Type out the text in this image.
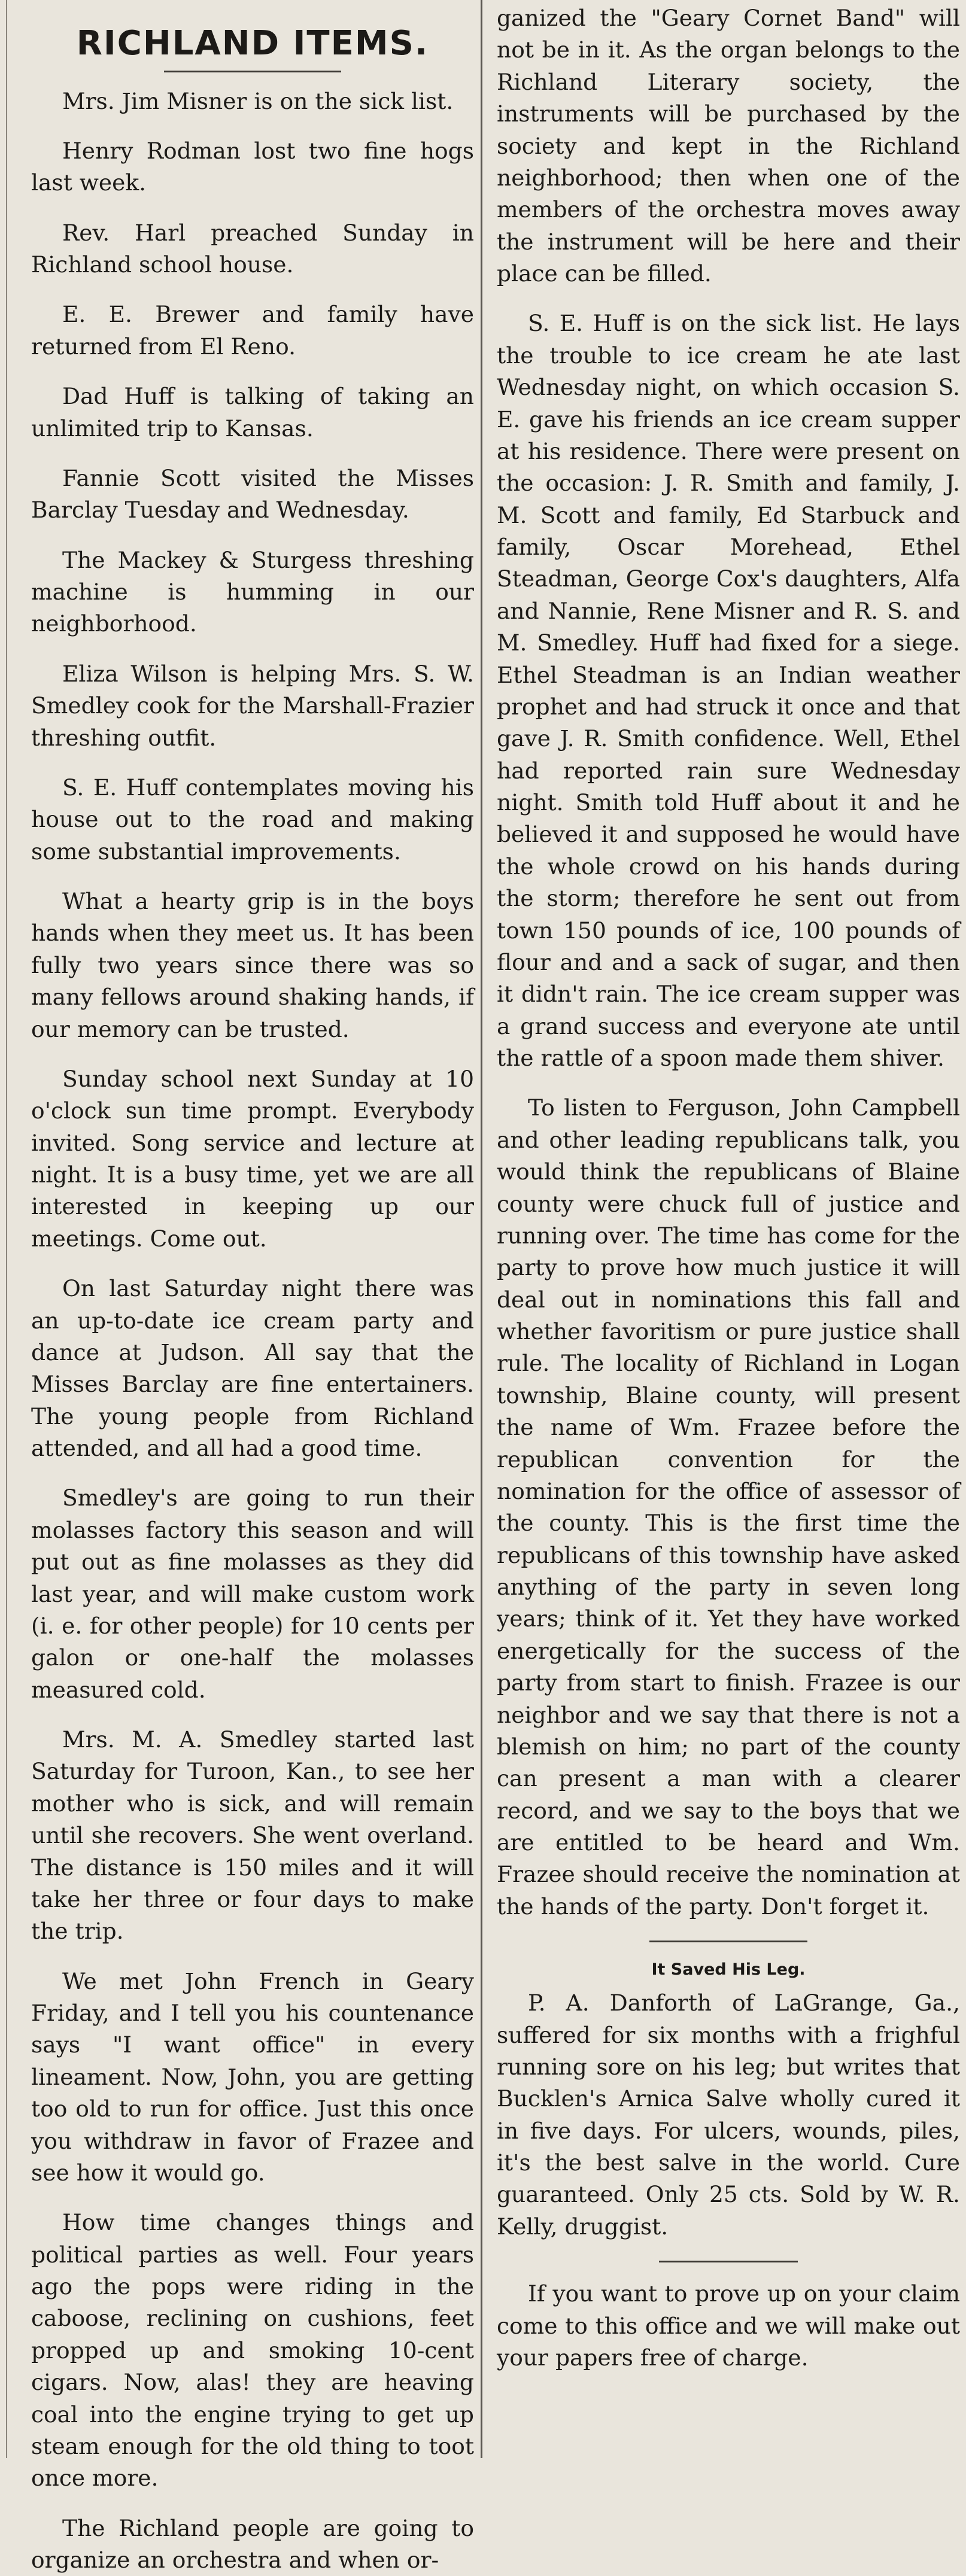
RICHLAND ITEMS.

Mrs. Jim Misner is on the sick list.

Henry Rodman lost two fine hogs last week.

Rev. Harl preached Sunday in Richland school house.

E. E. Brewer and family have returned from El Reno.

Dad Huff is talking of taking an unlimited trip to Kansas.

Fannie Scott visited the Misses Barclay Tuesday and Wednesday.

The Mackey & Sturgess threshing machine is humming in our neighborhood.

Eliza Wilson is helping Mrs. S. W. Smedley cook for the Marshall-Frazier threshing outfit.

S. E. Huff contemplates moving his house out to the road and making some substantial improvements.

What a hearty grip is in the boys hands when they meet us. It has been fully two years since there was so many fellows around shaking hands, if our memory can be trusted.

Sunday school next Sunday at 10 o'clock sun time prompt. Everybody invited. Song service and lecture at night. It is a busy time, yet we are all interested in keeping up our meetings. Come out.

On last Saturday night there was an up-to-date ice cream party and dance at Judson. All say that the Misses Barclay are fine entertainers. The young people from Richland attended, and all had a good time.

Smedley's are going to run their molasses factory this season and will put out as fine molasses as they did last year, and will make custom work (i. e. for other people) for 10 cents per galon or one-half the molasses measured cold.

Mrs. M. A. Smedley started last Saturday for Turoon, Kan., to see her mother who is sick, and will remain until she recovers. She went overland. The distance is 150 miles and it will take her three or four days to make the trip.

We met John French in Geary Friday, and I tell you his countenance says "I want office" in every lineament. Now, John, you are getting too old to run for office. Just this once you withdraw in favor of Frazee and see how it would go.

How time changes things and political parties as well. Four years ago the pops were riding in the caboose, reclining on cushions, feet propped up and smoking 10-cent cigars. Now, alas! they are heaving coal into the engine trying to get up steam enough for the old thing to toot once more.

The Richland people are going to organize an orchestra and when or-

ganized the "Geary Cornet Band" will not be in it. As the organ belongs to the Richland Literary society, the instruments will be purchased by the society and kept in the Richland neighborhood; then when one of the members of the orchestra moves away the instrument will be here and their place can be filled.

S. E. Huff is on the sick list. He lays the trouble to ice cream he ate last Wednesday night, on which occasion S. E. gave his friends an ice cream supper at his residence. There were present on the occasion: J. R. Smith and family, J. M. Scott and family, Ed Starbuck and family, Oscar Morehead, Ethel Steadman, George Cox's daughters, Alfa and Nannie, Rene Misner and R. S. and M. Smedley. Huff had fixed for a siege. Ethel Steadman is an Indian weather prophet and had struck it once and that gave J. R. Smith confidence. Well, Ethel had reported rain sure Wednesday night. Smith told Huff about it and he believed it and supposed he would have the whole crowd on his hands during the storm; therefore he sent out from town 150 pounds of ice, 100 pounds of flour and and a sack of sugar, and then it didn't rain. The ice cream supper was a grand success and everyone ate until the rattle of a spoon made them shiver.

To listen to Ferguson, John Campbell and other leading republicans talk, you would think the republicans of Blaine county were chuck full of justice and running over. The time has come for the party to prove how much justice it will deal out in nominations this fall and whether favoritism or pure justice shall rule. The locality of Richland in Logan township, Blaine county, will present the name of Wm. Frazee before the republican convention for the nomination for the office of assessor of the county. This is the first time the republicans of this township have asked anything of the party in seven long years; think of it. Yet they have worked energetically for the success of the party from start to finish. Frazee is our neighbor and we say that there is not a blemish on him; no part of the county can present a man with a clearer record, and we say to the boys that we are entitled to be heard and Wm. Frazee should receive the nomination at the hands of the party. Don't forget it.

It Saved His Leg.

P. A. Danforth of LaGrange, Ga., suffered for six months with a frighful running sore on his leg; but writes that Bucklen's Arnica Salve wholly cured it in five days. For ulcers, wounds, piles, it's the best salve in the world. Cure guaranteed. Only 25 cts. Sold by W. R. Kelly, druggist.

If you want to prove up on your claim come to this office and we will make out your papers free of charge.
